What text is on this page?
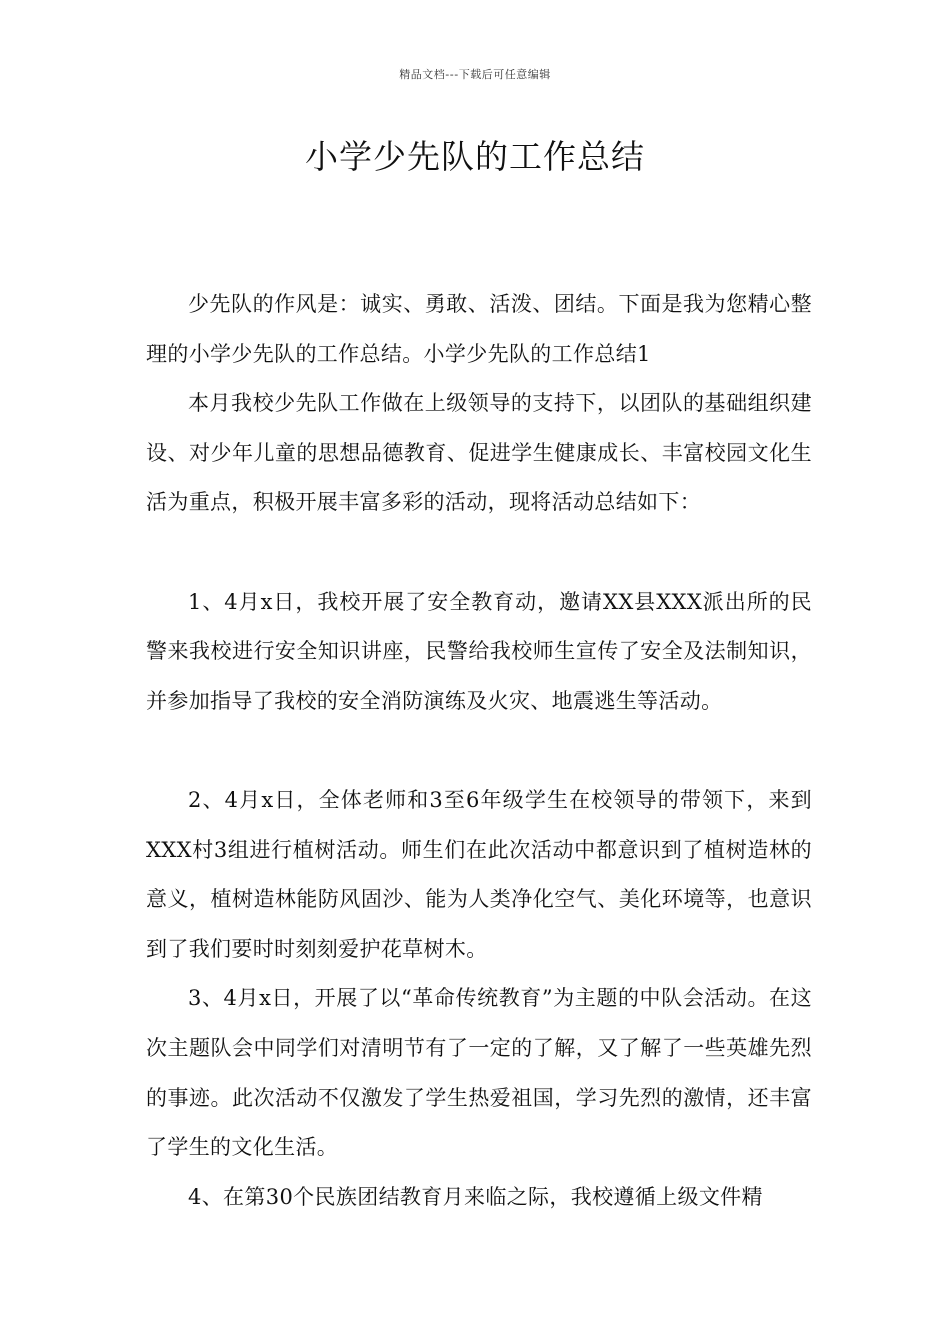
精品文档---下载后可任意编辑
小学少先队的工作总结

少先队的作风是：诚实、勇敢、活泼、团结。下面是我为您精心整理的小学少先队的工作总结。小学少先队的工作总结1

本月我校少先队工作做在上级领导的支持下，以团队的基础组织建设、对少年儿童的思想品德教育、促进学生健康成长、丰富校园文化生活为重点，积极开展丰富多彩的活动，现将活动总结如下：

1、4月x日，我校开展了安全教育动，邀请XX县XXX派出所的民警来我校进行安全知识讲座，民警给我校师生宣传了安全及法制知识，并参加指导了我校的安全消防演练及火灾、地震逃生等活动。

2、4月x日，全体老师和3至6年级学生在校领导的带领下，来到XXX村3组进行植树活动。师生们在此次活动中都意识到了植树造林的意义，植树造林能防风固沙、能为人类净化空气、美化环境等，也意识到了我们要时时刻刻爱护花草树木。

3、4月x日，开展了以“革命传统教育”为主题的中队会活动。在这次主题队会中同学们对清明节有了一定的了解，又了解了一些英雄先烈的事迹。此次活动不仅激发了学生热爱祖国，学习先烈的激情，还丰富了学生的文化生活。

4、在第30个民族团结教育月来临之际，我校遵循上级文件精
